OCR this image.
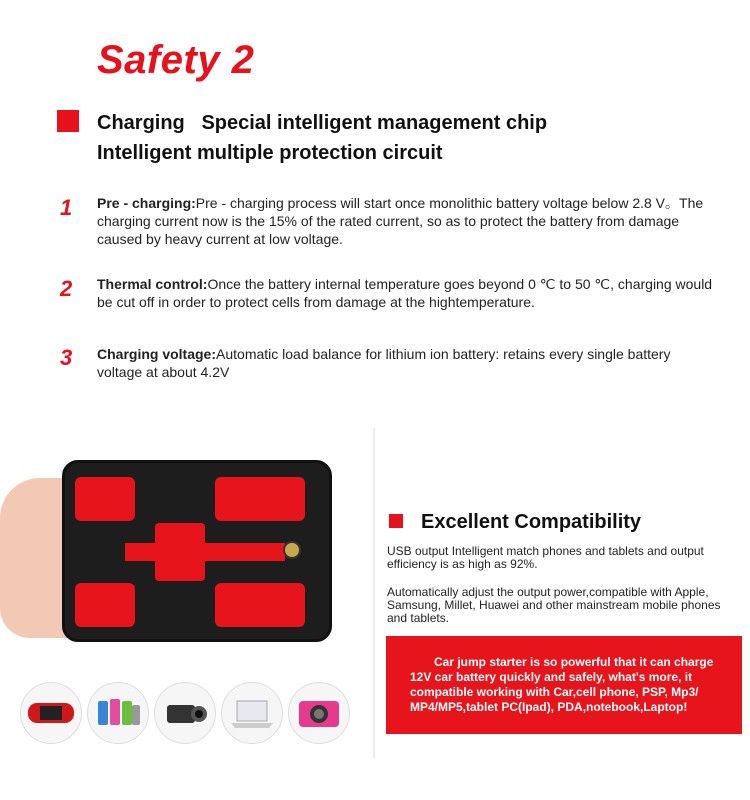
Safety 2
Charging   Special intelligent management chip
Intelligent multiple protection circuit
1 Pre - charging:Pre - charging process will start once monolithic battery voltage below 2.8 V。The charging current now is the 15% of the rated current, so as to protect the battery from damage caused by heavy current at low voltage.
2 Thermal control:Once the battery internal temperature goes beyond 0 ℃ to 50 ℃, charging would be cut off in order to protect cells from damage at the hightemperature.
3 Charging voltage:Automatic load balance for lithium ion battery: retains every single battery voltage at about 4.2V
Excellent Compatibility
USB output Intelligent match phones and tablets and output efficiency is as high as 92%.
Automatically adjust the output power,compatible with Apple, Samsung, Millet, Huawei and other mainstream mobile phones and tablets.
Car jump starter is so powerful that it can charge 12V car battery quickly and safely, what's more, it compatible working with Car,cell phone, PSP, Mp3/ MP4/MP5,tablet PC(Ipad), PDA,notebook,Laptop!
